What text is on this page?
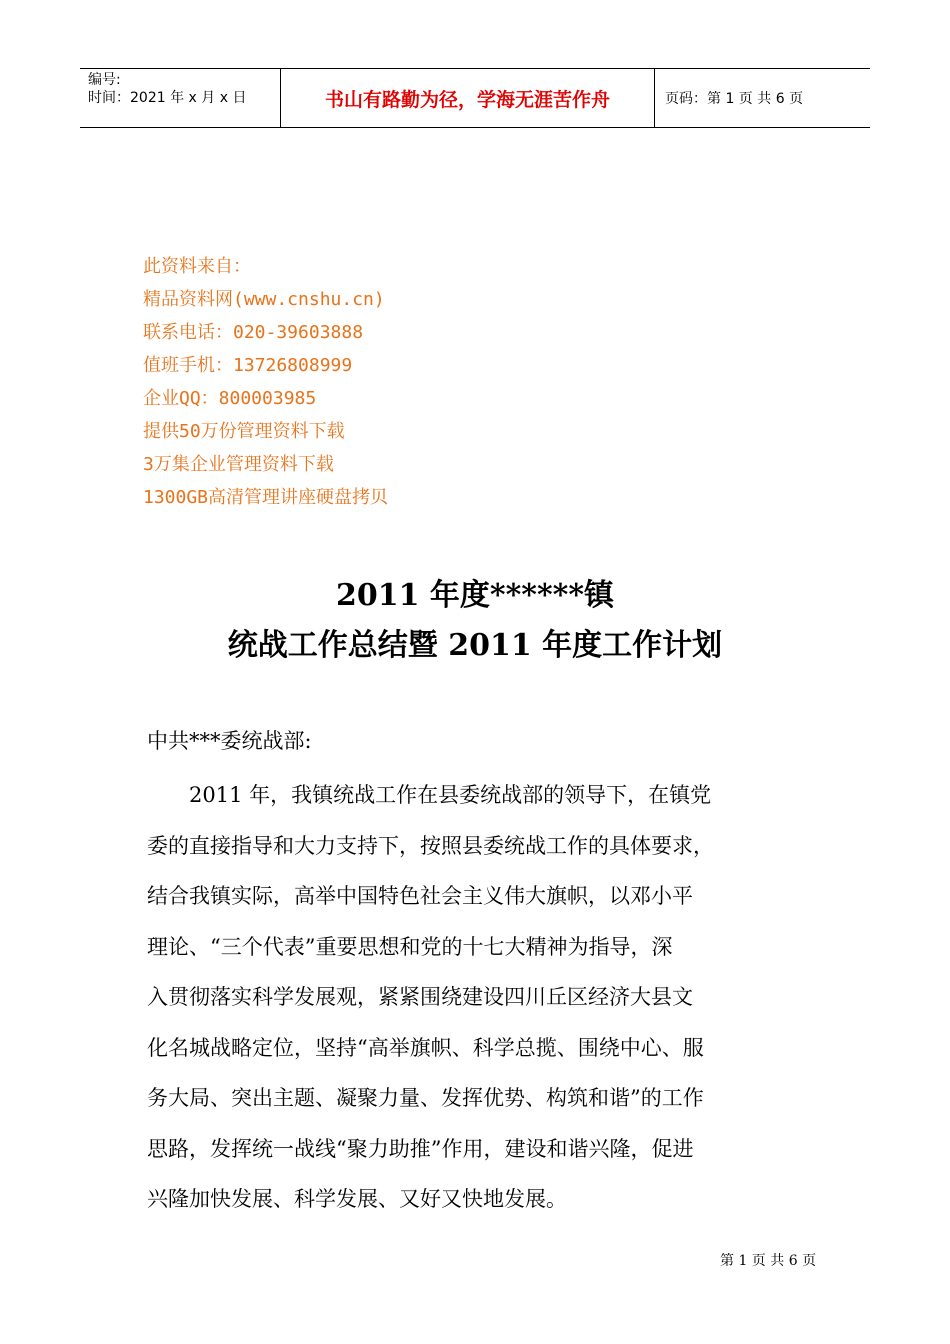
编号:
时间：2021 年 x 月 x 日	书山有路勤为径，学海无涯苦作舟	页码：第 1 页 共 6 页
此资料来自：
精品资料网(www.cnshu.cn)
联系电话：020-39603888
值班手机：13726808999
企业QQ：800003985
提供50万份管理资料下载
3万集企业管理资料下载
1300GB高清管理讲座硬盘拷贝
2011 年度******镇
统战工作总结暨 2011 年度工作计划
中共***委统战部:
　　2011 年，我镇统战工作在县委统战部的领导下，在镇党
委的直接指导和大力支持下，按照县委统战工作的具体要求，
结合我镇实际，高举中国特色社会主义伟大旗帜，以邓小平
理论、“三个代表”重要思想和党的十七大精神为指导，深
入贯彻落实科学发展观，紧紧围绕建设四川丘区经济大县文
化名城战略定位，坚持“高举旗帜、科学总揽、围绕中心、服
务大局、突出主题、凝聚力量、发挥优势、构筑和谐”的工作
思路，发挥统一战线“聚力助推”作用，建设和谐兴隆，促进
兴隆加快发展、科学发展、又好又快地发展。
第 1 页 共 6 页
